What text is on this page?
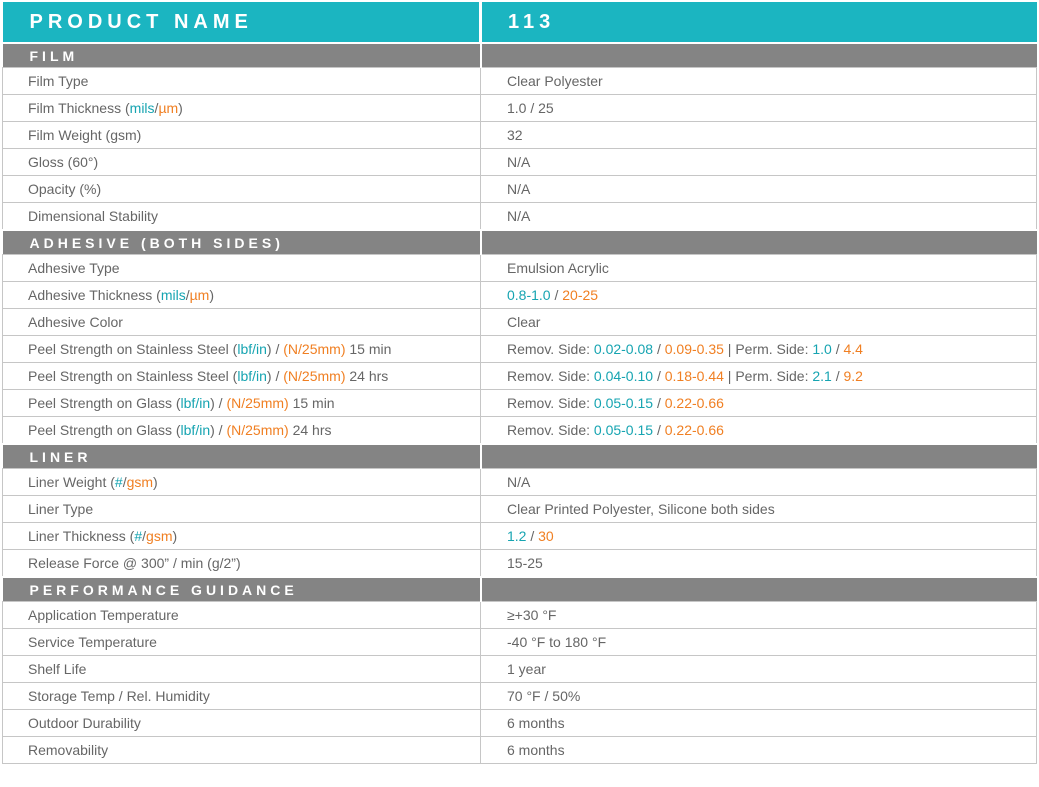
PRODUCT NAME	113
FILM	
Film Type	Clear Polyester
Film Thickness (mils/µm)	1.0 / 25
Film Weight (gsm)	32
Gloss (60°)	N/A
Opacity (%)	N/A
Dimensional Stability	N/A
ADHESIVE (BOTH SIDES)	
Adhesive Type	Emulsion Acrylic
Adhesive Thickness (mils/µm)	0.8-1.0 / 20-25
Adhesive Color	Clear
Peel Strength on Stainless Steel (lbf/in) / (N/25mm) 15 min	Remov. Side: 0.02-0.08 / 0.09-0.35 | Perm. Side: 1.0 / 4.4
Peel Strength on Stainless Steel (lbf/in) / (N/25mm) 24 hrs	Remov. Side: 0.04-0.10 / 0.18-0.44 | Perm. Side: 2.1 / 9.2
Peel Strength on Glass (lbf/in) / (N/25mm) 15 min	Remov. Side: 0.05-0.15 / 0.22-0.66
Peel Strength on Glass (lbf/in) / (N/25mm) 24 hrs	Remov. Side: 0.05-0.15 / 0.22-0.66
LINER	
Liner Weight (#/gsm)	N/A
Liner Type	Clear Printed Polyester, Silicone both sides
Liner Thickness (#/gsm)	1.2 / 30
Release Force @ 300” / min (g/2”)	15-25
PERFORMANCE GUIDANCE	
Application Temperature	≥+30 °F
Service Temperature	-40 °F to 180 °F
Shelf Life	1 year
Storage Temp / Rel. Humidity	70 °F / 50%
Outdoor Durability	6 months
Removability	6 months
